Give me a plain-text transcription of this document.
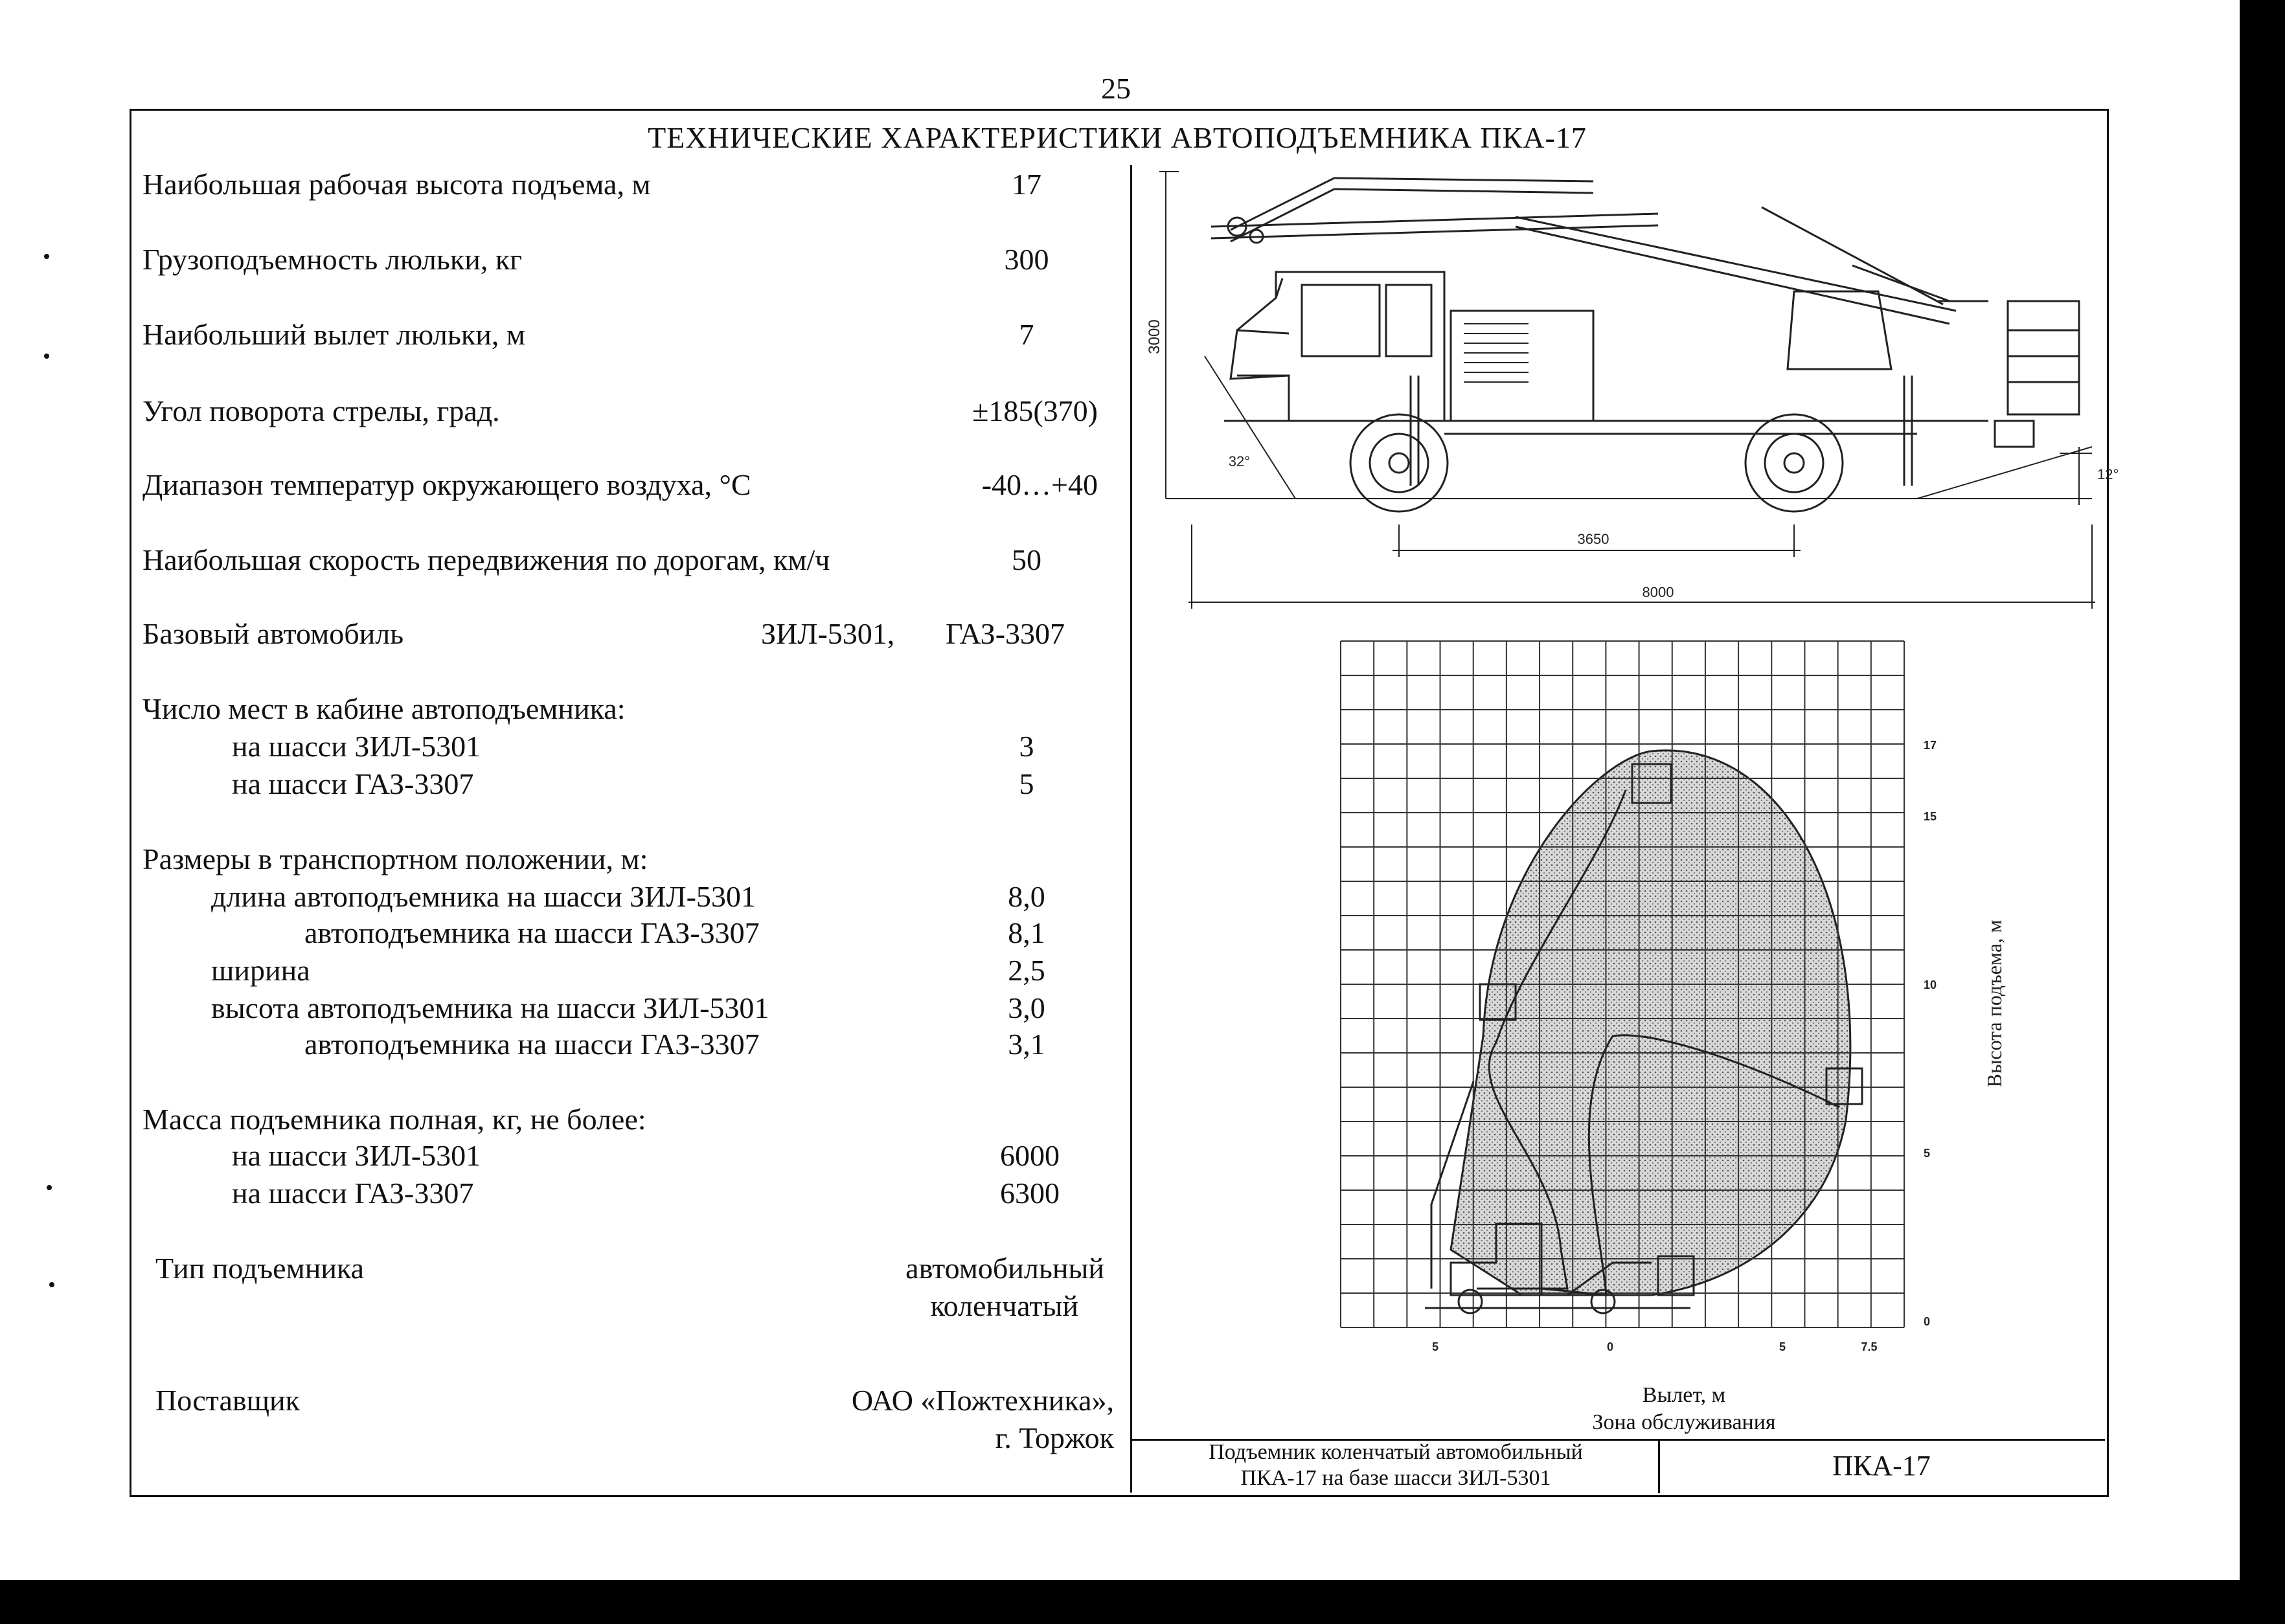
25
ТЕХНИЧЕСКИЕ ХАРАКТЕРИСТИКИ АВТОПОДЪЕМНИКА ПКА-17
Наибольшая рабочая высота подъема, м	17
Грузоподъемность люльки, кг	300
Наибольший вылет люльки, м	7
Угол поворота стрелы, град.	±185(370)
Диапазон температур окружающего воздуха, °С	-40…+40
Наибольшая скорость передвижения по дорогам, км/ч	50
Базовый автомобиль	ЗИЛ-5301, ГАЗ-3307
Число мест в кабине автоподъемника:
на шасси ЗИЛ-5301	3
на шасси ГАЗ-3307	5
Размеры в транспортном положении, м:
длина автоподъемника на шасси ЗИЛ-5301	8,0
автоподъемника на шасси ГАЗ-3307	8,1
ширина	2,5
высота автоподъемника на шасси ЗИЛ-5301	3,0
автоподъемника на шасси ГАЗ-3307	3,1
Масса подъемника полная, кг, не более:
на шасси ЗИЛ-5301	6000
на шасси ГАЗ-3307	6300
Тип подъемника	автомобильный
коленчатый
Поставщик	ОАО «Пожтехника»,
г. Торжок
3000
3650
8000
32°
12°
17
15
10
5
0
5	0	5	7.5
Высота подъема, м
Вылет, м
Зона обслуживания
Подъемник коленчатый автомобильный
ПКА-17 на базе шасси ЗИЛ-5301	ПКА-17
